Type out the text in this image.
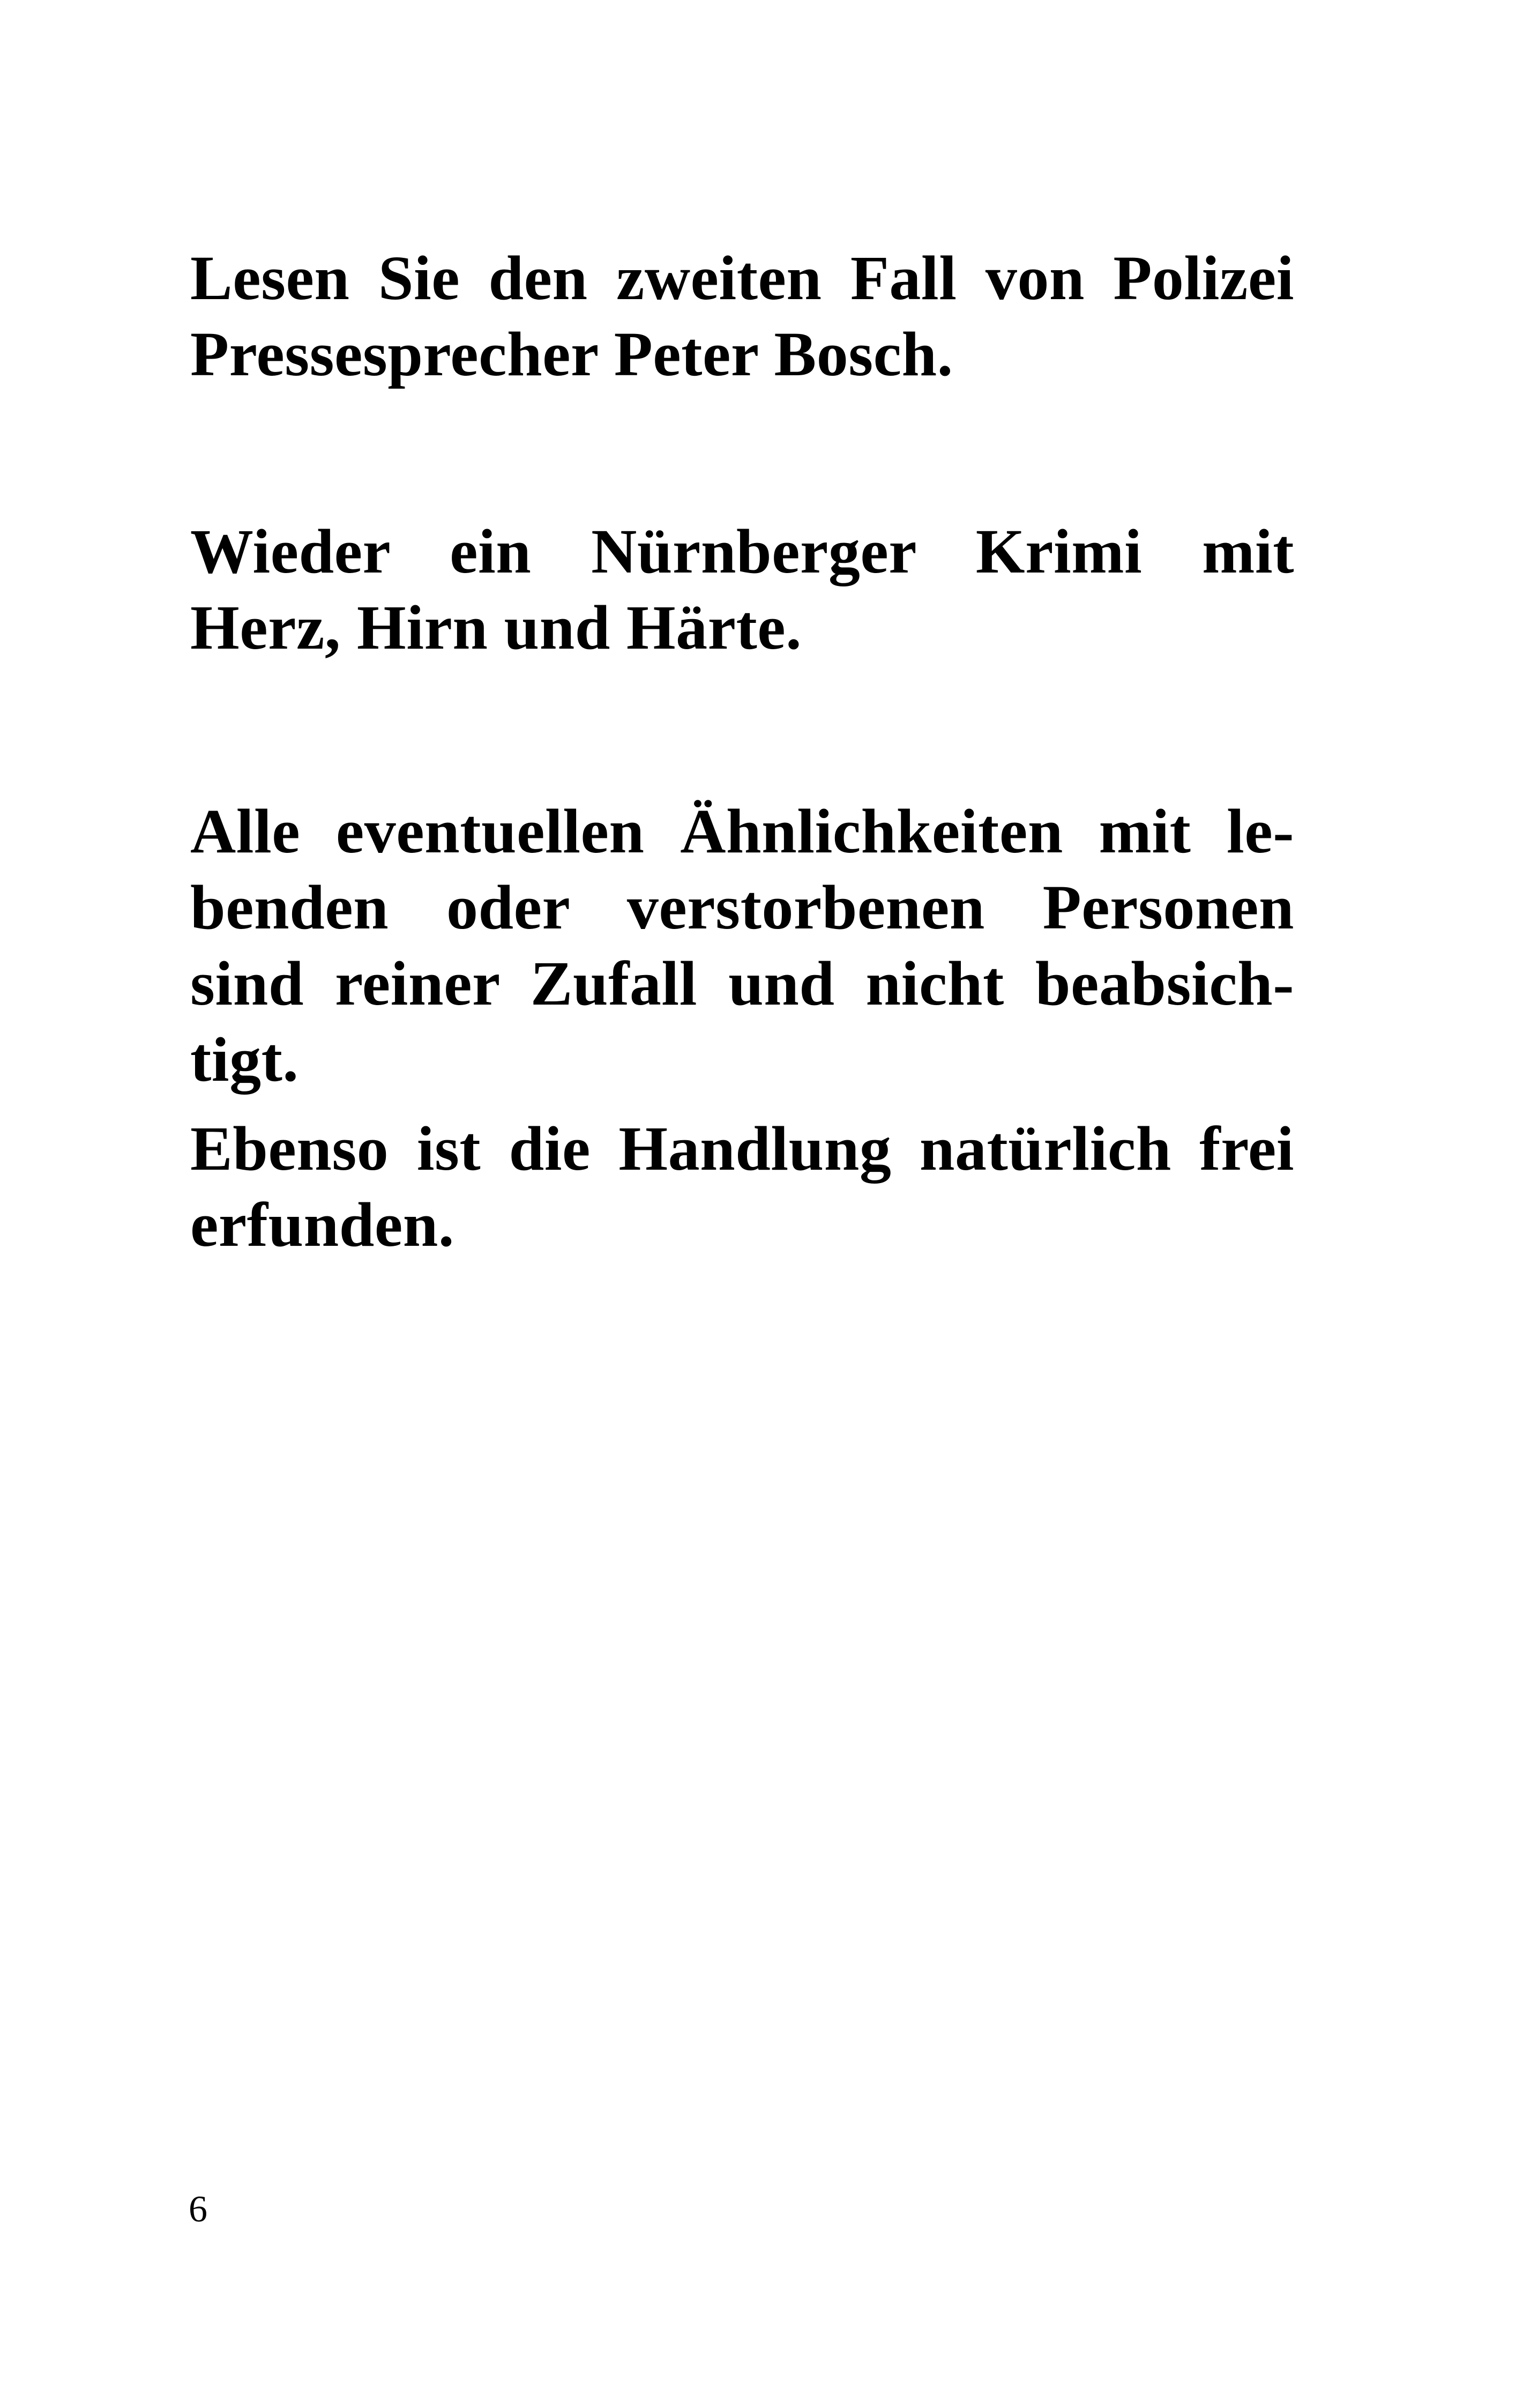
Lesen Sie den zweiten Fall von Polizei
Pressesprecher Peter Bosch.

Wieder ein Nürnberger Krimi mit
Herz, Hirn und Härte.

Alle eventuellen Ähnlichkeiten mit le-
benden oder verstorbenen Personen
sind reiner Zufall und nicht beabsich-
tigt.

Ebenso ist die Handlung natürlich frei
erfunden.

6
